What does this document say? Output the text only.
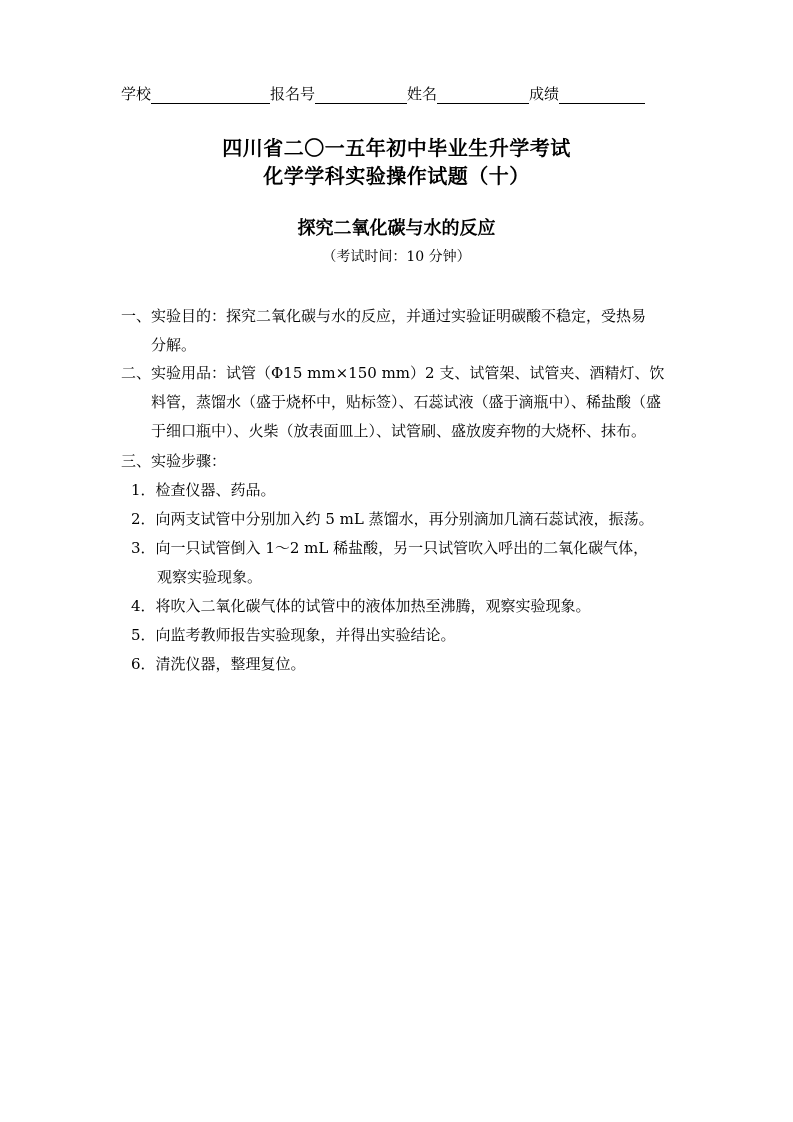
学校	报名号	姓名	成绩
四川省二〇一五年初中毕业生升学考试
化学学科实验操作试题（十）
探究二氧化碳与水的反应
（考试时间：10 分钟）

一、实验目的：探究二氧化碳与水的反应，并通过实验证明碳酸不稳定，受热易

分解。

二、实验用品：试管（Φ15 mm×150 mm）2 支、试管架、试管夹、酒精灯、饮

料管，蒸馏水（盛于烧杯中，贴标签）、石蕊试液（盛于滴瓶中）、稀盐酸（盛

于细口瓶中）、火柴（放表面皿上）、试管刷、盛放废弃物的大烧杯、抹布。

三、实验步骤：

1．检查仪器、药品。

2．向两支试管中分别加入约 5 mL 蒸馏水，再分别滴加几滴石蕊试液，振荡。

3．向一只试管倒入 1～2 mL 稀盐酸，另一只试管吹入呼出的二氧化碳气体，

观察实验现象。

4．将吹入二氧化碳气体的试管中的液体加热至沸腾，观察实验现象。

5．向监考教师报告实验现象，并得出实验结论。

6．清洗仪器，整理复位。
